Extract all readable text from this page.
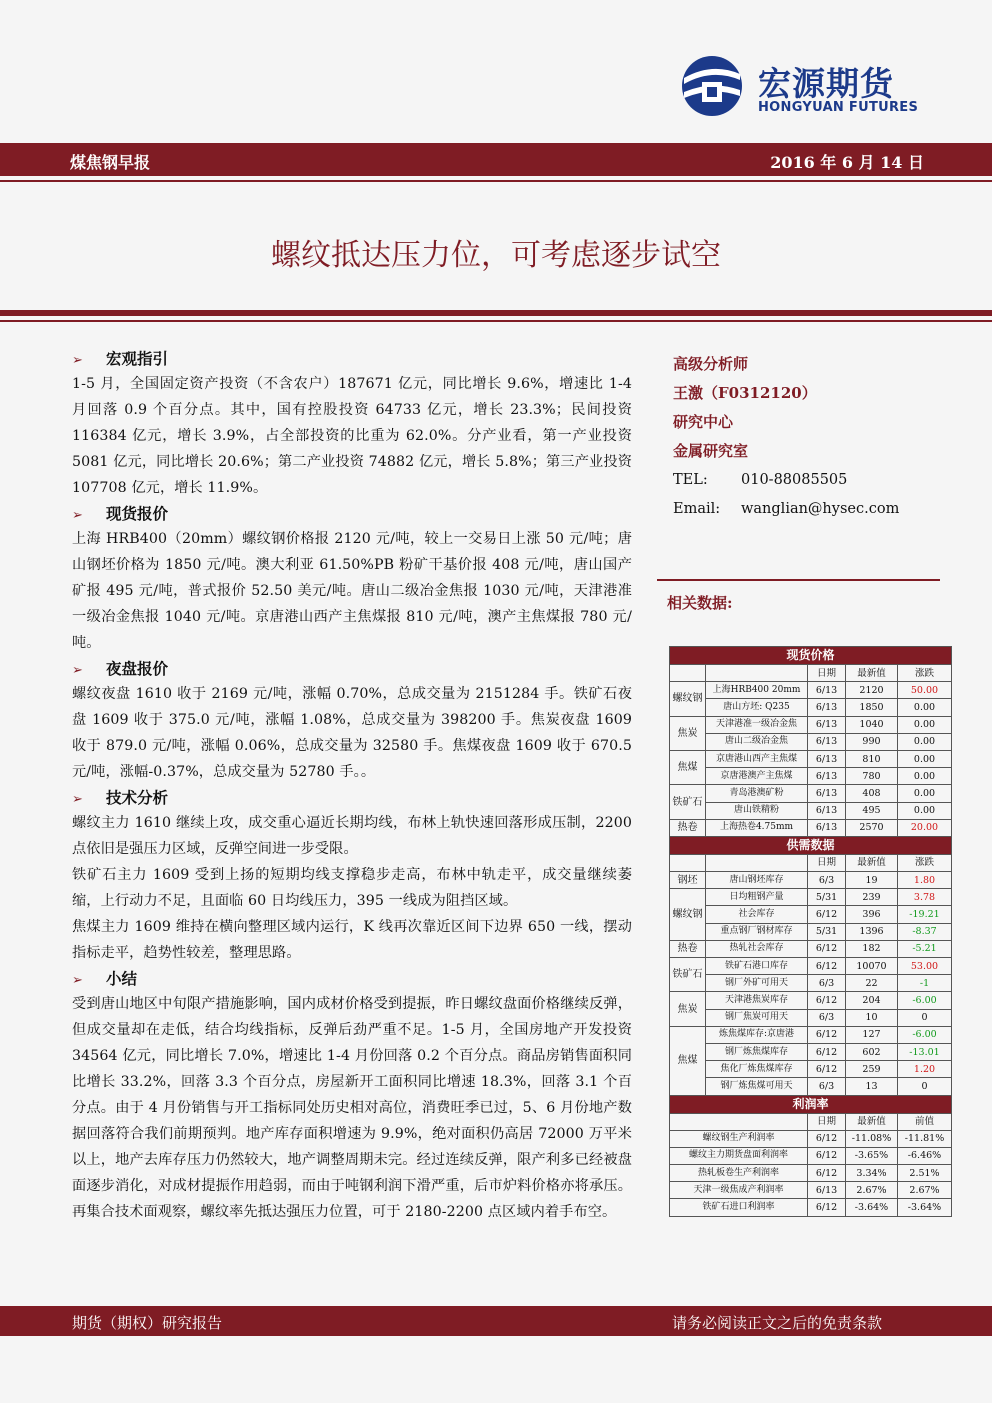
宏源期货
HONGYUAN FUTURES
煤焦钢早报	2016 年 6 月 14 日
螺纹抵达压力位，可考虑逐步试空
➢ 宏观指引

1-5 月，全国固定资产投资（不含农户）187671 亿元，同比增长 9.6%，增速比 1-4 月回落 0.9 个百分点。其中，国有控股投资 64733 亿元，增长 23.3%；民间投资 116384 亿元，增长 3.9%，占全部投资的比重为 62.0%。分产业看，第一产业投资 5081 亿元，同比增长 20.6%；第二产业投资 74882 亿元，增长 5.8%；第三产业投资 107708 亿元，增长 11.9%。

➢ 现货报价

上海 HRB400（20mm）螺纹钢价格报 2120 元/吨，较上一交易日上涨 50 元/吨；唐山钢坯价格为 1850 元/吨。澳大利亚 61.50%PB 粉矿干基价报 408 元/吨，唐山国产矿报 495 元/吨，普式报价 52.50 美元/吨。唐山二级冶金焦报 1030 元/吨，天津港准一级冶金焦报 1040 元/吨。京唐港山西产主焦煤报 810 元/吨，澳产主焦煤报 780 元/吨。

➢ 夜盘报价

螺纹夜盘 1610 收于 2169 元/吨，涨幅 0.70%，总成交量为 2151284 手。铁矿石夜盘 1609 收于 375.0 元/吨，涨幅 1.08%，总成交量为 398200 手。焦炭夜盘 1609 收于 879.0 元/吨，涨幅 0.06%，总成交量为 32580 手。焦煤夜盘 1609 收于 670.5 元/吨，涨幅-0.37%，总成交量为 52780 手。。

➢ 技术分析

螺纹主力 1610 继续上攻，成交重心逼近长期均线，布林上轨快速回落形成压制，2200 点依旧是强压力区域，反弹空间进一步受限。

铁矿石主力 1609 受到上扬的短期均线支撑稳步走高，布林中轨走平，成交量继续萎缩，上行动力不足，且面临 60 日均线压力，395 一线成为阻挡区域。

焦煤主力 1609 维持在横向整理区域内运行，K 线再次靠近区间下边界 650 一线，摆动指标走平，趋势性较差，整理思路。

➢ 小结

受到唐山地区中旬限产措施影响，国内成材价格受到提振，昨日螺纹盘面价格继续反弹，但成交量却在走低，结合均线指标，反弹后劲严重不足。1-5 月，全国房地产开发投资 34564 亿元，同比增长 7.0%，增速比 1-4 月份回落 0.2 个百分点。商品房销售面积同比增长 33.2%，回落 3.3 个百分点，房屋新开工面积同比增速 18.3%，回落 3.1 个百分点。由于 4 月份销售与开工指标同处历史相对高位，消费旺季已过，5、6 月份地产数据回落符合我们前期预判。地产库存面积增速为 9.9%，绝对面积仍高居 72000 万平米以上，地产去库存压力仍然较大，地产调整周期未完。经过连续反弹，限产利多已经被盘面逐步消化，对成材提振作用趋弱，而由于吨钢利润下滑严重，后市炉料价格亦将承压。再集合技术面观察，螺纹率先抵达强压力位置，可于 2180-2200 点区域内着手布空。

高级分析师
王激（F0312120）
研究中心
金属研究室
TEL: 010-88085505
Email: wanglian@hysec.com
相关数据:
现货价格				
		日期	最新值	涨跌
螺纹钢	上海HRB400 20mm	6/13	2120	50.00
	唐山方坯: Q235	6/13	1850	0.00
焦炭	天津港准一级冶金焦	6/13	1040	0.00
	唐山二级冶金焦	6/13	990	0.00
焦煤	京唐港山西产主焦煤	6/13	810	0.00
	京唐港澳产主焦煤	6/13	780	0.00
铁矿石	青岛港澳矿粉	6/13	408	0.00
	唐山铁精粉	6/13	495	0.00
热卷	上海热卷4.75mm	6/13	2570	20.00
供需数据				
		日期	最新值	涨跌
钢坯	唐山钢坯库存	6/3	19	1.80
螺纹钢	日均粗钢产量	5/31	239	3.78
	社会库存	6/12	396	-19.21
	重点钢厂钢材库存	5/31	1396	-8.37
热卷	热轧社会库存	6/12	182	-5.21
铁矿石	铁矿石港口库存	6/12	10070	53.00
	钢厂外矿可用天	6/3	22	-1
焦炭	天津港焦炭库存	6/12	204	-6.00
	钢厂焦炭可用天	6/3	10	0
焦煤	炼焦煤库存:京唐港	6/12	127	-6.00
	钢厂炼焦煤库存	6/12	602	-13.01
	焦化厂炼焦煤库存	6/12	259	1.20
	钢厂炼焦煤可用天	6/3	13	0
利润率				
		日期	最新值	前值
螺纹钢生产利润率		6/12	-11.08%	-11.81%
螺纹主力期货盘面利润率		6/12	-3.65%	-6.46%
热轧板卷生产利润率		6/12	3.34%	2.51%
天津一级焦成产利润率		6/13	2.67%	2.67%
铁矿石进口利润率		6/12	-3.64%	-3.64%
期货（期权）研究报告	请务必阅读正文之后的免责条款
